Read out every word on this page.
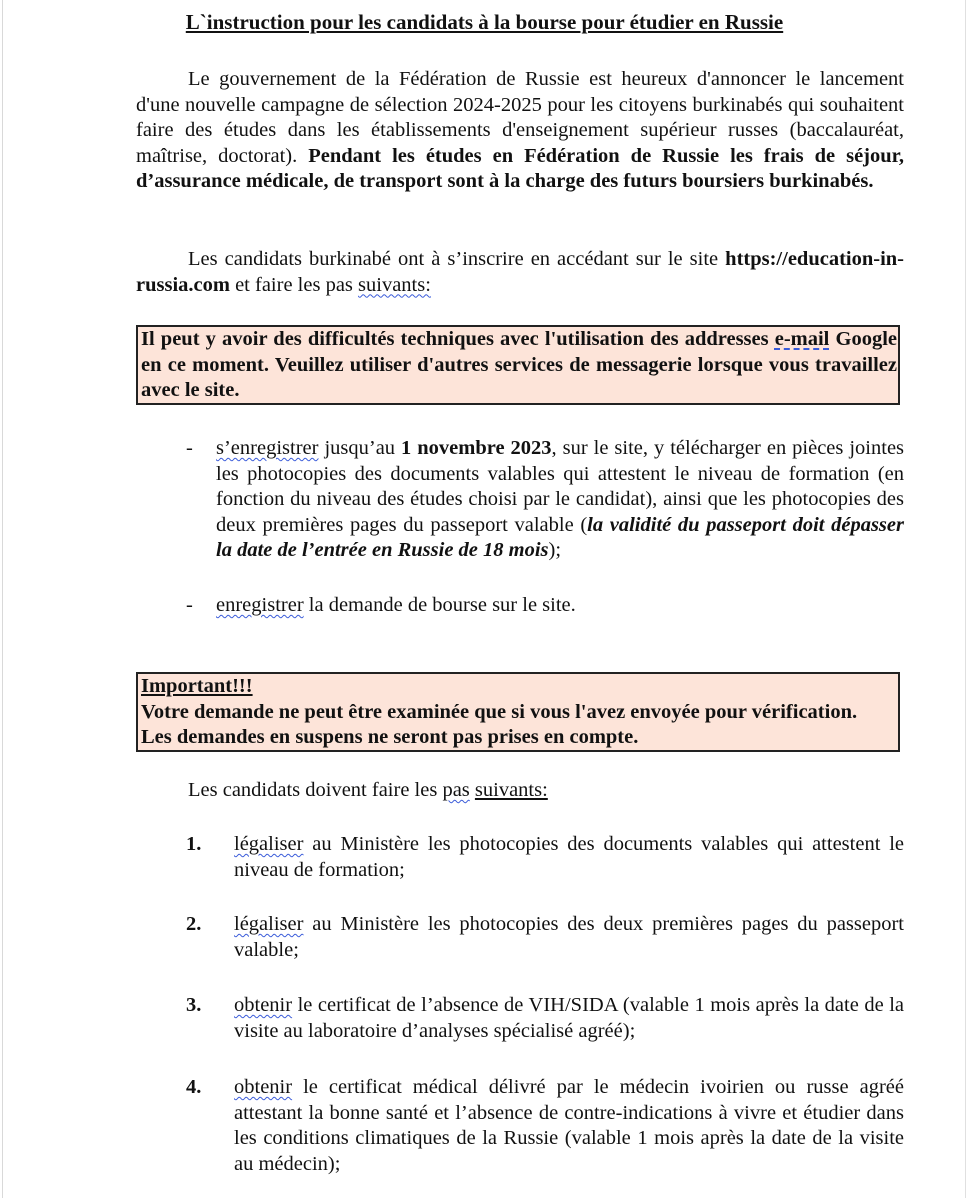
L`instruction pour les candidats à la bourse pour étudier en Russie

Le gouvernement de la Fédération de Russie est heureux d'annoncer le lancement d'une nouvelle campagne de sélection 2024-2025 pour les citoyens burkinabés qui souhaitent faire des études dans les établissements d'enseignement supérieur russes (baccalauréat, maîtrise, doctorat). Pendant les études en Fédération de Russie les frais de séjour, d’assurance médicale, de transport sont à la charge des futurs boursiers burkinabés.

Les candidats burkinabé ont à s’inscrire en accédant sur le site https://education-in-russia.com et faire les pas suivants:

Il peut y avoir des difficultés techniques avec l'utilisation des addresses e-mail Google en ce moment. Veuillez utiliser d'autres services de messagerie lorsque vous travaillez avec le site.
- s’enregistrer jusqu’au 1 novembre 2023, sur le site, y télécharger en pièces jointes les photocopies des documents valables qui attestent le niveau de formation (en fonction du niveau des études choisi par le candidat), ainsi que les photocopies des deux premières pages du passeport valable (la validité du passeport doit dépasser la date de l’entrée en Russie de 18 mois);
- enregistrer la demande de bourse sur le site.
Important!!!
Votre demande ne peut être examinée que si vous l'avez envoyée pour vérification.
Les demandes en suspens ne seront pas prises en compte.

Les candidats doivent faire les pas suivants:

1. légaliser au Ministère les photocopies des documents valables qui attestent le niveau de formation;
2. légaliser au Ministère les photocopies des deux premières pages du passeport valable;
3. obtenir le certificat de l’absence de VIH/SIDA (valable 1 mois après la date de la visite au laboratoire d’analyses spécialisé agréé);
4. obtenir le certificat médical délivré par le médecin ivoirien ou russe agréé attestant la bonne santé et l’absence de contre-indications à vivre et étudier dans les conditions climatiques de la Russie (valable 1 mois après la date de la visite au médecin);
